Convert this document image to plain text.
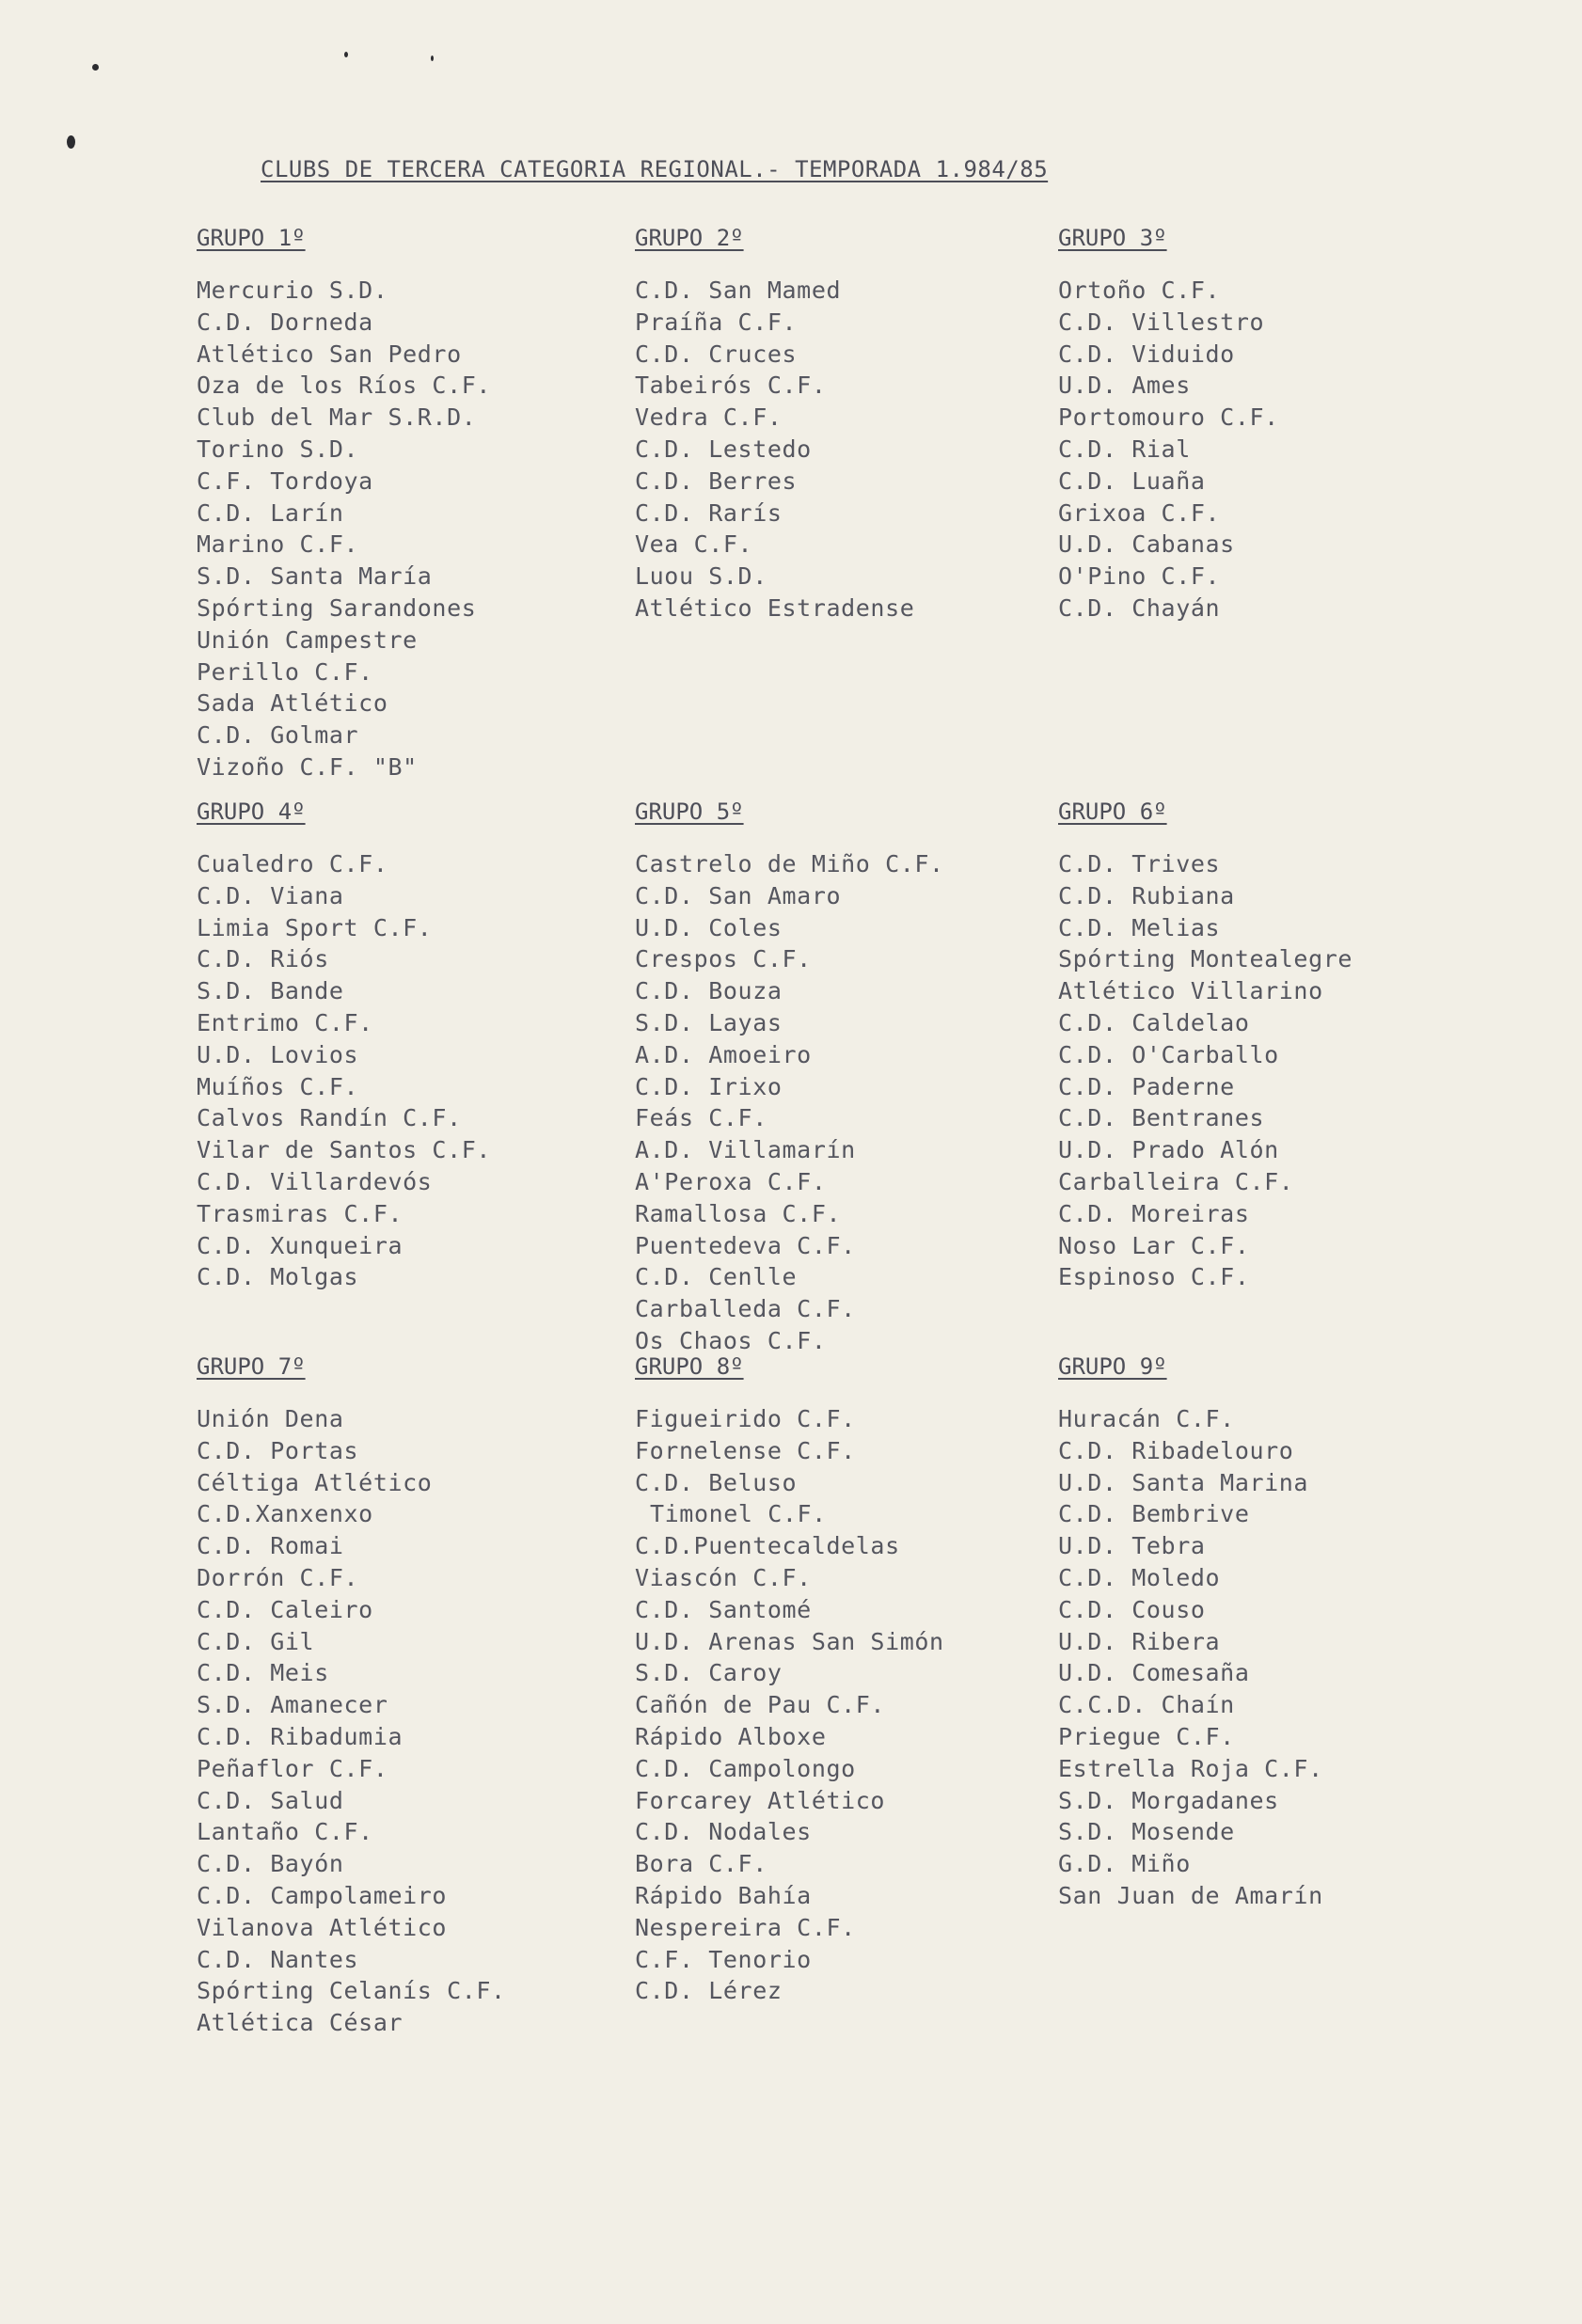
CLUBS DE TERCERA CATEGORIA REGIONAL.- TEMPORADA 1.984/85
GRUPO 1º
Mercurio S.D.
C.D. Dorneda
Atlético San Pedro
Oza de los Ríos C.F.
Club del Mar S.R.D.
Torino S.D.
C.F. Tordoya
C.D. Larín
Marino C.F.
S.D. Santa María
Spórting Sarandones
Unión Campestre
Perillo C.F.
Sada Atlético
C.D. Golmar
Vizoño C.F. "B"
GRUPO 2º
C.D. San Mamed
Praíña C.F.
C.D. Cruces
Tabeirós C.F.
Vedra C.F.
C.D. Lestedo
C.D. Berres
C.D. Rarís
Vea C.F.
Luou S.D.
Atlético Estradense
GRUPO 3º
Ortoño C.F.
C.D. Villestro
C.D. Viduido
U.D. Ames
Portomouro C.F.
C.D. Rial
C.D. Luaña
Grixoa C.F.
U.D. Cabanas
O'Pino C.F.
C.D. Chayán
GRUPO 4º
Cualedro C.F.
C.D. Viana
Limia Sport C.F.
C.D. Riós
S.D. Bande
Entrimo C.F.
U.D. Lovios
Muíños C.F.
Calvos Randín C.F.
Vilar de Santos C.F.
C.D. Villardevós
Trasmiras C.F.
C.D. Xunqueira
C.D. Molgas
GRUPO 5º
Castrelo de Miño C.F.
C.D. San Amaro
U.D. Coles
Crespos C.F.
C.D. Bouza
S.D. Layas
A.D. Amoeiro
C.D. Irixo
Feás C.F.
A.D. Villamarín
A'Peroxa C.F.
Ramallosa C.F.
Puentedeva C.F.
C.D. Cenlle
Carballeda C.F.
Os Chaos C.F.
GRUPO 6º
C.D. Trives
C.D. Rubiana
C.D. Melias
Spórting Montealegre
Atlético Villarino
C.D. Caldelao
C.D. O'Carballo
C.D. Paderne
C.D. Bentranes
U.D. Prado Alón
Carballeira C.F.
C.D. Moreiras
Noso Lar C.F.
Espinoso C.F.
GRUPO 7º
Unión Dena
C.D. Portas
Céltiga Atlético
C.D.Xanxenxo
C.D. Romai
Dorrón C.F.
C.D. Caleiro
C.D. Gil
C.D. Meis
S.D. Amanecer
C.D. Ribadumia
Peñaflor C.F.
C.D. Salud
Lantaño C.F.
C.D. Bayón
C.D. Campolameiro
Vilanova Atlético
C.D. Nantes
Spórting Celanís C.F.
Atlética César
GRUPO 8º
Figueirido C.F.
Fornelense C.F.
C.D. Beluso
Timonel C.F.
C.D.Puentecaldelas
Viascón C.F.
C.D. Santomé
U.D. Arenas San Simón
S.D. Caroy
Cañón de Pau C.F.
Rápido Alboxe
C.D. Campolongo
Forcarey Atlético
C.D. Nodales
Bora C.F.
Rápido Bahía
Nespereira C.F.
C.F. Tenorio
C.D. Lérez
GRUPO 9º
Huracán C.F.
C.D. Ribadelouro
U.D. Santa Marina
C.D. Bembrive
U.D. Tebra
C.D. Moledo
C.D. Couso
U.D. Ribera
U.D. Comesaña
C.C.D. Chaín
Priegue C.F.
Estrella Roja C.F.
S.D. Morgadanes
S.D. Mosende
G.D. Miño
San Juan de Amarín
